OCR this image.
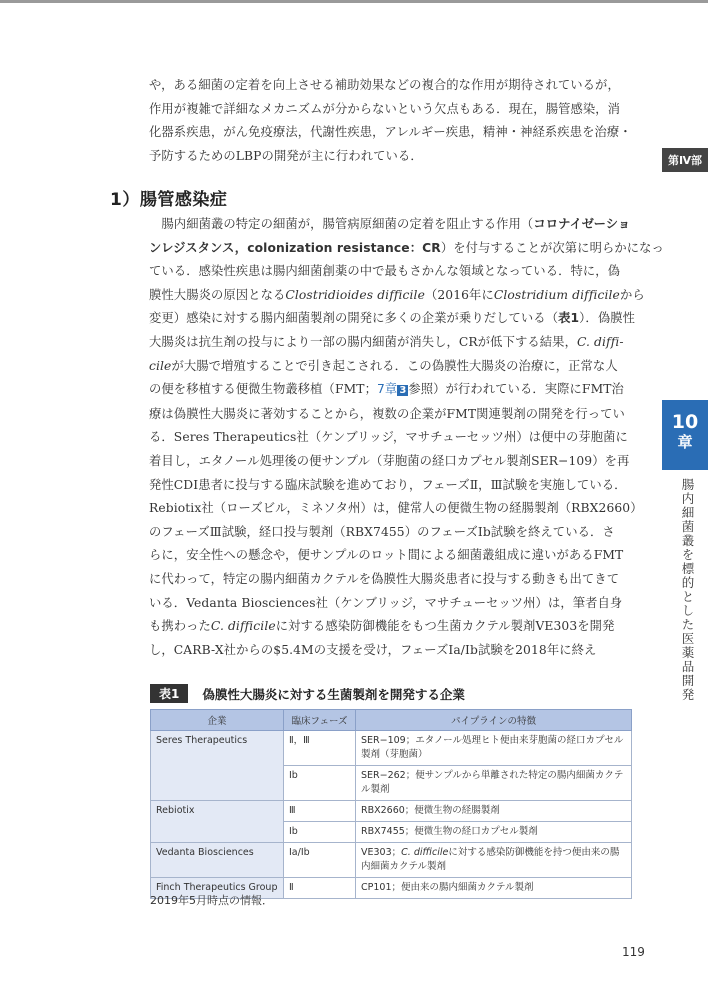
や，ある細菌の定着を向上させる補助効果などの複合的な作用が期待されているが，
作用が複雑で詳細なメカニズムが分からないという欠点もある．現在，腸管感染，消
化器系疾患，がん免疫療法，代謝性疾患，アレルギー疾患，精神・神経系疾患を治療・
予防するためのLBPの開発が主に行われている．	第Ⅳ部
1）腸管感染症
　腸内細菌叢の特定の細菌が，腸管病原細菌の定着を阻止する作用（コロナイゼーショ
ンレジスタンス，colonization resistance：CR）を付与することが次第に明らかになっ
ている．感染性疾患は腸内細菌創薬の中で最もさかんな領域となっている．特に，偽
膜性大腸炎の原因となるClostridioides difficile（2016年にClostridium difficileから
変更）感染に対する腸内細菌製剤の開発に多くの企業が乗りだしている（表1）．偽膜性
大腸炎は抗生剤の投与により一部の腸内細菌が消失し，CRが低下する結果，C. diffi-
cileが大腸で増殖することで引き起こされる．この偽膜性大腸炎の治療に，正常な人
の便を移植する便微生物叢移植（FMT；7章 3 参照）が行われている．実際にFMT治
療は偽膜性大腸炎に著効することから，複数の企業がFMT関連製剤の開発を行ってい
る．Seres Therapeutics社（ケンブリッジ，マサチューセッツ州）は便中の芽胞菌に
着目し，エタノール処理後の便サンプル（芽胞菌の経口カプセル製剤SER−109）を再
発性CDI患者に投与する臨床試験を進めており，フェーズⅡ，Ⅲ試験を実施している．
Rebiotix社（ローズビル，ミネソタ州）は，健常人の便微生物の経腸製剤（RBX2660）
のフェーズⅢ試験，経口投与製剤（RBX7455）のフェーズⅠb試験を終えている．さ
らに，安全性への懸念や，便サンプルのロット間による細菌叢組成に違いがあるFMT
に代わって，特定の腸内細菌カクテルを偽膜性大腸炎患者に投与する動きも出てきて
いる．Vedanta Biosciences社（ケンブリッジ，マサチューセッツ州）は，筆者自身
も携わったC. difficileに対する感染防御機能をもつ生菌カクテル製剤VE303を開発
し，CARB-X社からの$5.4Mの支援を受け，フェーズⅠa/Ⅰb試験を2018年に終え
10
章
腸内細菌叢を標的とした医薬品開発
表1	偽膜性大腸炎に対する生菌製剤を開発する企業
企業	臨床フェーズ	パイプラインの特徴
Seres Therapeutics	Ⅱ，Ⅲ	SER−109；エタノール処理ヒト便由来芽胞菌の経口カプセル製剤（芽胞菌）
	Ⅰb	SER−262；便サンプルから単離された特定の腸内細菌カクテル製剤
Rebiotix	Ⅲ	RBX2660；便微生物の経腸製剤
	Ⅰb	RBX7455；便微生物の経口カプセル製剤
Vedanta Biosciences	Ⅰa/Ⅰb	VE303；C. difficileに対する感染防御機能を持つ便由来の腸内細菌カクテル製剤
Finch Therapeutics Group	Ⅱ	CP101；便由来の腸内細菌カクテル製剤
2019年5月時点の情報．
119
